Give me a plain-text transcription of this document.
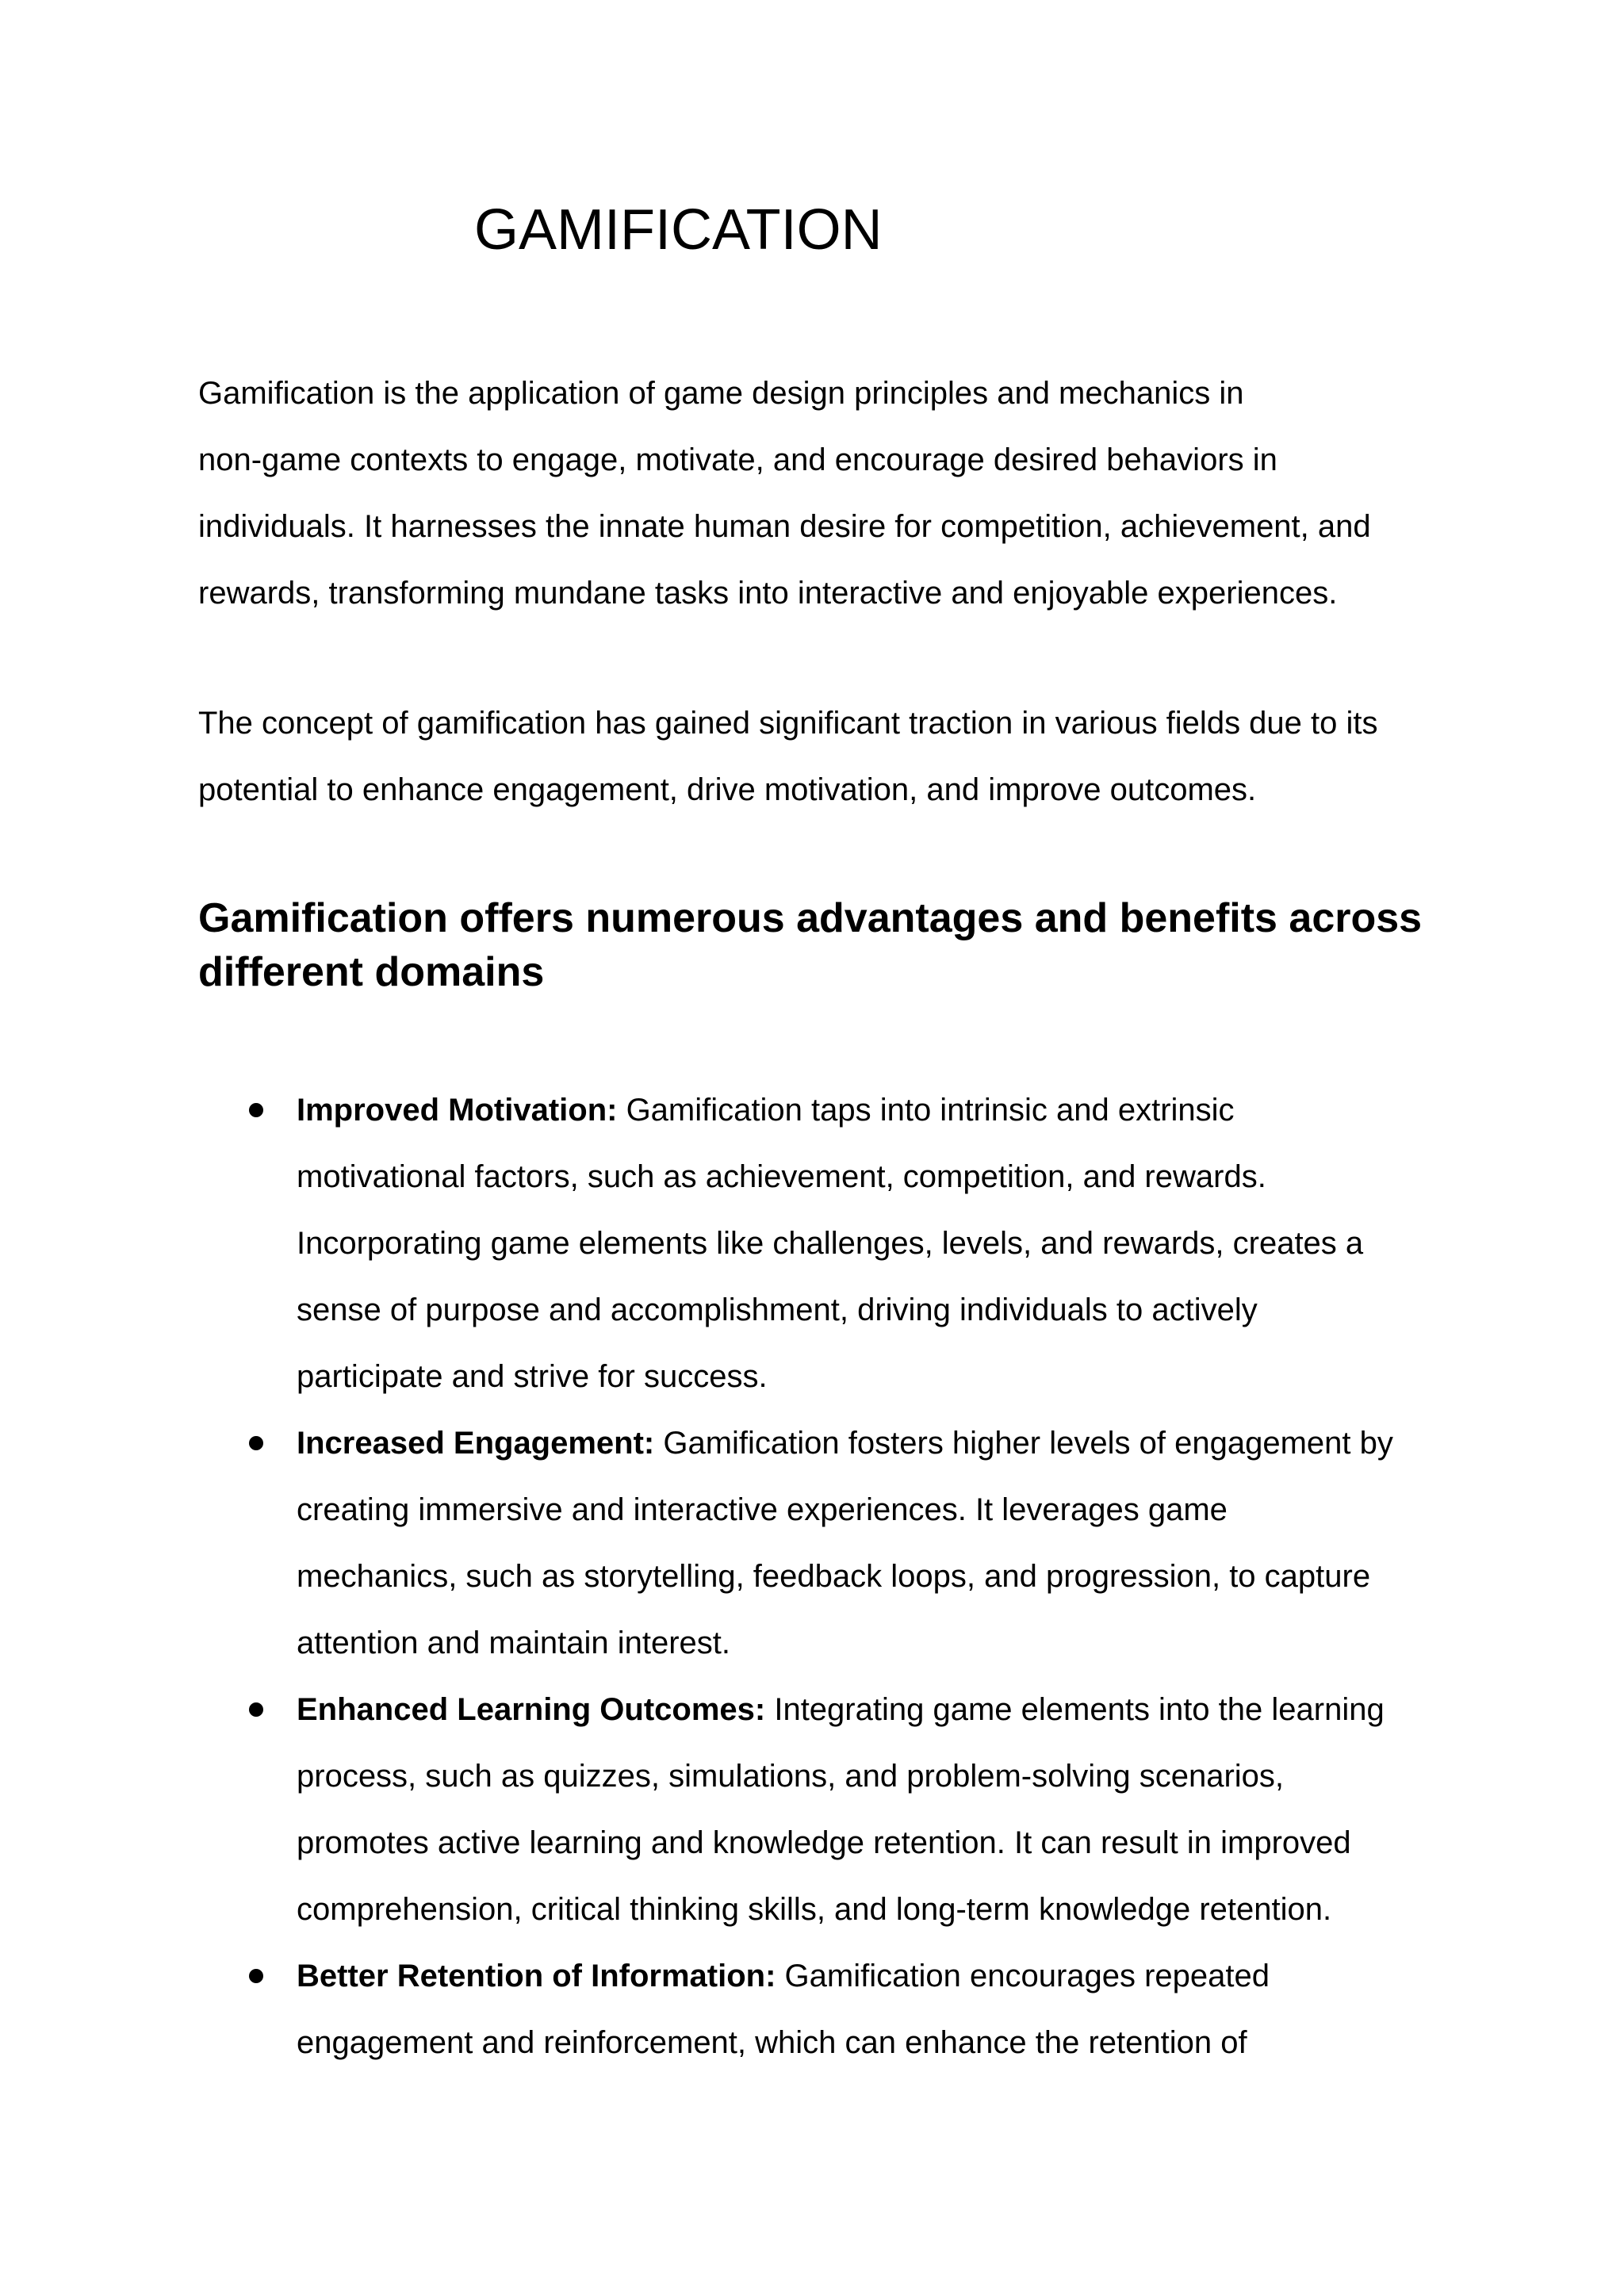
GAMIFICATION

Gamification is the application of game design principles and mechanics in
non-game contexts to engage, motivate, and encourage desired behaviors in
individuals. It harnesses the innate human desire for competition, achievement, and
rewards, transforming mundane tasks into interactive and enjoyable experiences.

The concept of gamification has gained significant traction in various fields due to its
potential to enhance engagement, drive motivation, and improve outcomes.

Gamification offers numerous advantages and benefits across
different domains
Improved Motivation: Gamification taps into intrinsic and extrinsic
motivational factors, such as achievement, competition, and rewards.
Incorporating game elements like challenges, levels, and rewards, creates a
sense of purpose and accomplishment, driving individuals to actively
participate and strive for success.
Increased Engagement: Gamification fosters higher levels of engagement by
creating immersive and interactive experiences. It leverages game
mechanics, such as storytelling, feedback loops, and progression, to capture
attention and maintain interest.
Enhanced Learning Outcomes: Integrating game elements into the learning
process, such as quizzes, simulations, and problem-solving scenarios,
promotes active learning and knowledge retention. It can result in improved
comprehension, critical thinking skills, and long-term knowledge retention.
Better Retention of Information: Gamification encourages repeated
engagement and reinforcement, which can enhance the retention of
